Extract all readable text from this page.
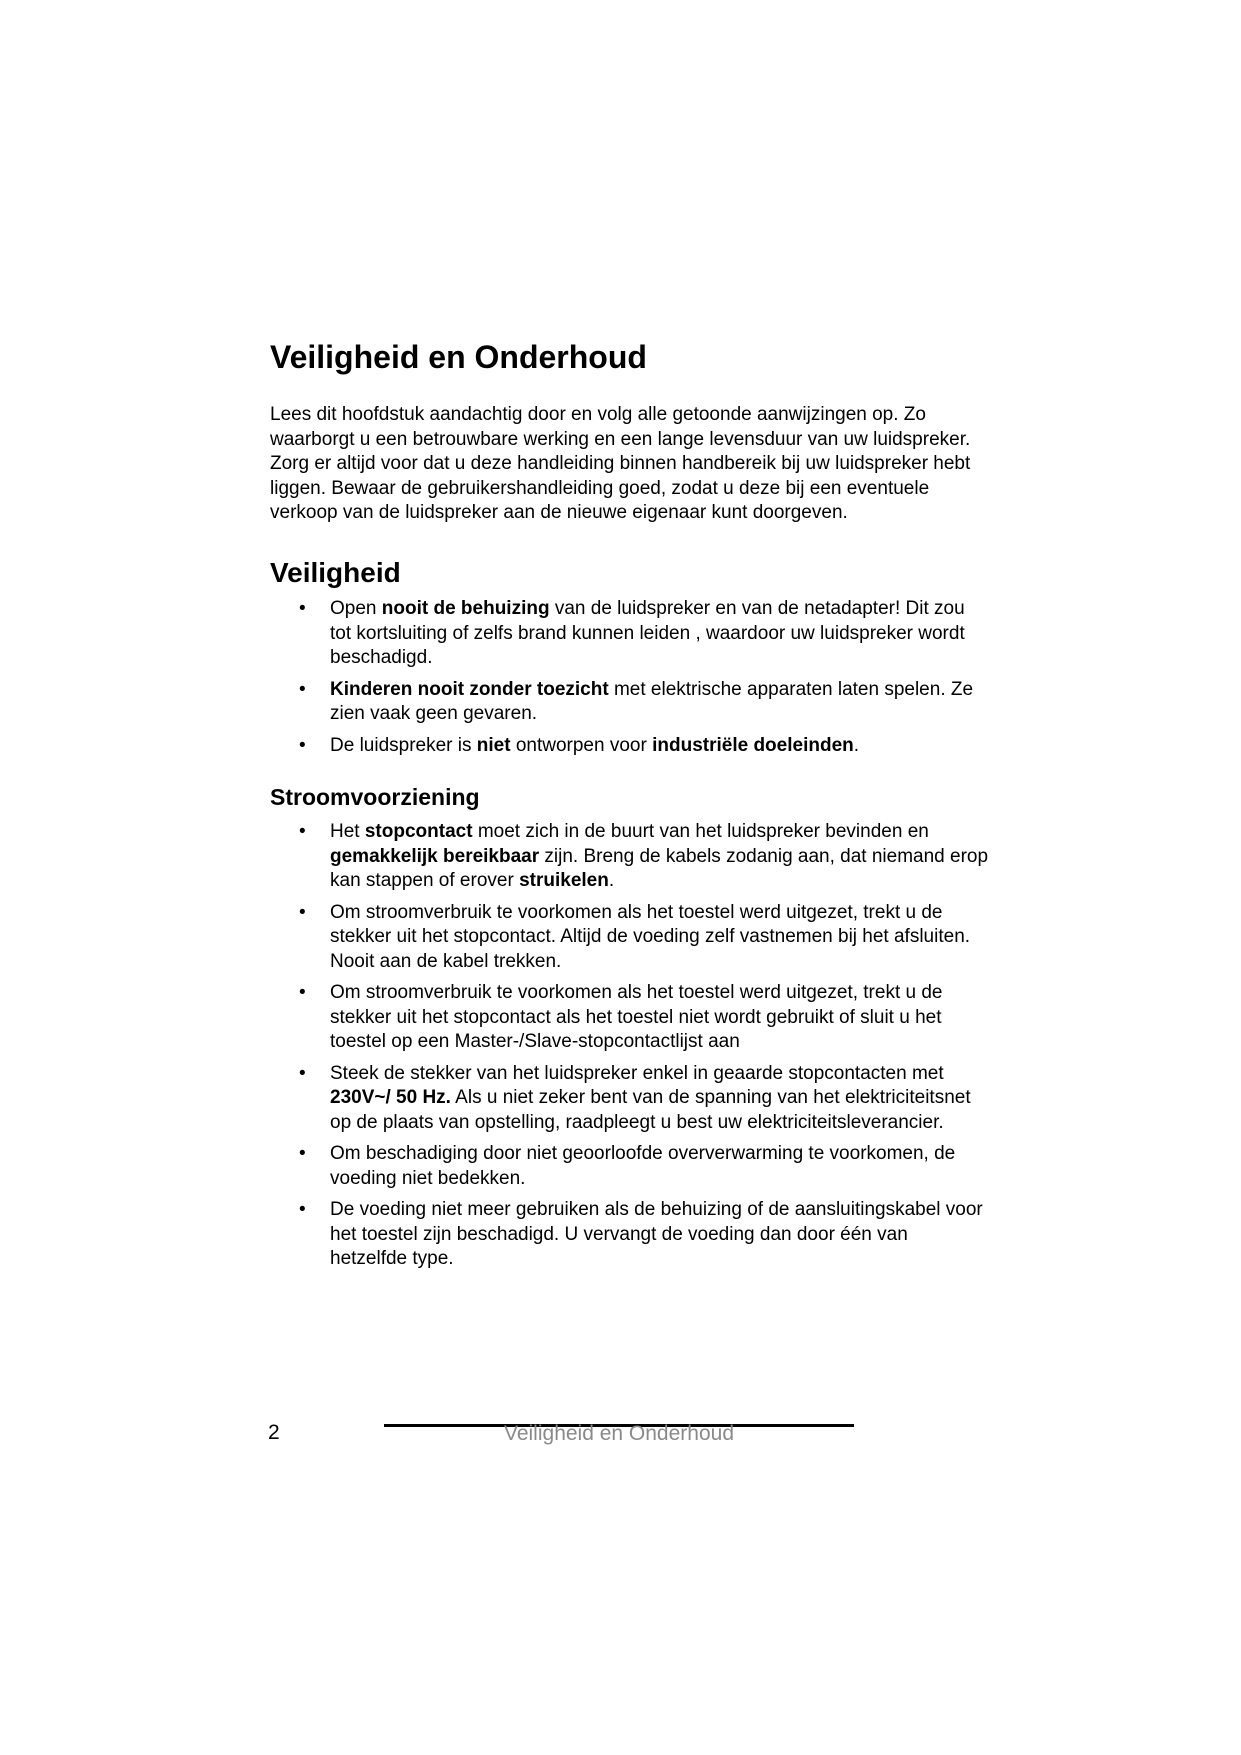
Veiligheid en Onderhoud

Lees dit hoofdstuk aandachtig door en volg alle getoonde aanwijzingen op. Zo waarborgt u een betrouwbare werking en een lange levensduur van uw luidspreker. Zorg er altijd voor dat u deze handleiding binnen handbereik bij uw luidspreker hebt liggen. Bewaar de gebruikershandleiding goed, zodat u deze bij een eventuele verkoop van de luidspreker aan de nieuwe eigenaar kunt doorgeven.

Veiligheid
• Open nooit de behuizing van de luidspreker en van de netadapter! Dit zou tot kortsluiting of zelfs brand kunnen leiden , waardoor uw luidspreker wordt beschadigd.
• Kinderen nooit zonder toezicht met elektrische apparaten laten spelen. Ze zien vaak geen gevaren.
• De luidspreker is niet ontworpen voor industriële doeleinden.
Stroomvoorziening
• Het stopcontact moet zich in de buurt van het luidspreker bevinden en gemakkelijk bereikbaar zijn. Breng de kabels zodanig aan, dat niemand erop kan stappen of erover struikelen.
• Om stroomverbruik te voorkomen als het toestel werd uitgezet, trekt u de stekker uit het stopcontact. Altijd de voeding zelf vastnemen bij het afsluiten. Nooit aan de kabel trekken.
• Om stroomverbruik te voorkomen als het toestel werd uitgezet, trekt u de stekker uit het stopcontact als het toestel niet wordt gebruikt of sluit u het toestel op een Master-/Slave-stopcontactlijst aan
• Steek de stekker van het luidspreker enkel in geaarde stopcontacten met 230V~/ 50 Hz. Als u niet zeker bent van de spanning van het elektriciteitsnet op de plaats van opstelling, raadpleegt u best uw elektriciteitsleverancier.
• Om beschadiging door niet geoorloofde oververwarming te voorkomen, de voeding niet bedekken.
• De voeding niet meer gebruiken als de behuizing of de aansluitingskabel voor het toestel zijn beschadigd. U vervangt de voeding dan door één van hetzelfde type.
2	Veiligheid en Onderhoud
